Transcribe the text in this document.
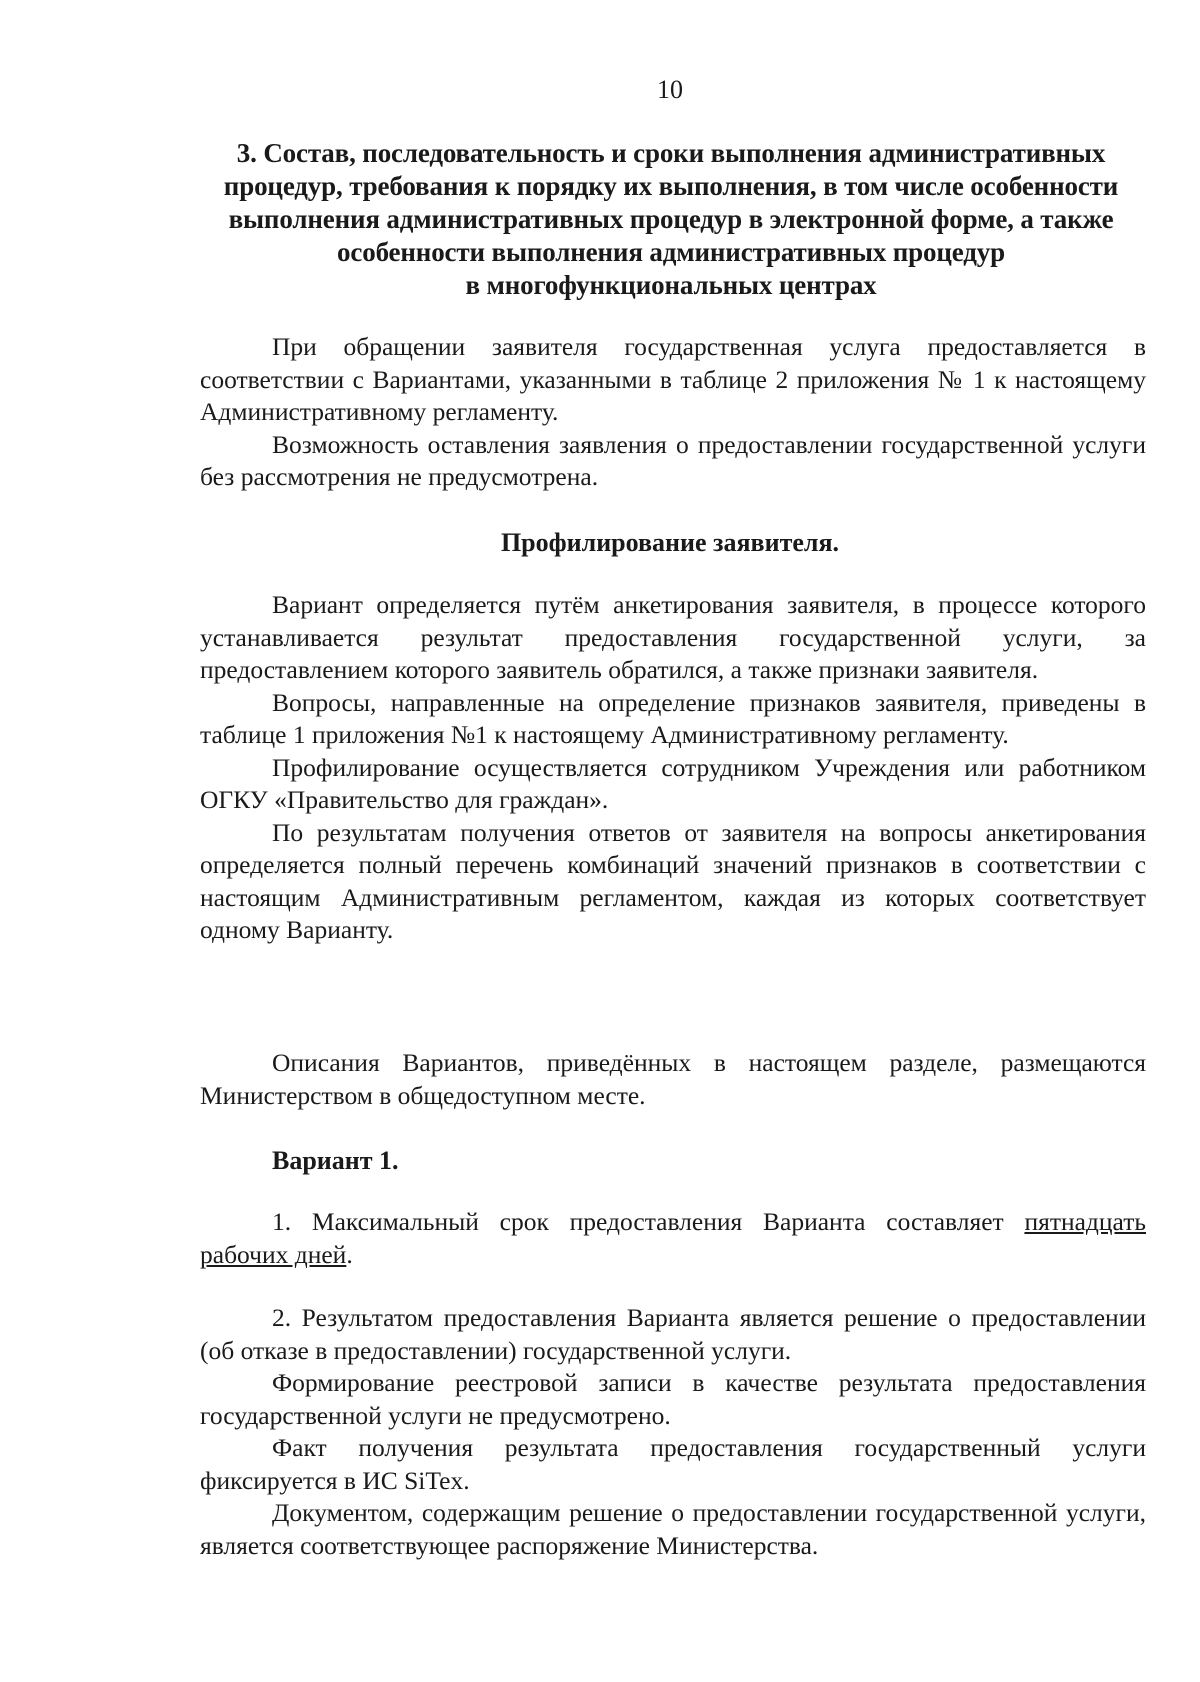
10
3. Состав, последовательность и сроки выполнения административных
процедур, требования к порядку их выполнения, в том числе особенности
выполнения административных процедур в электронной форме, а также
особенности выполнения административных процедур
в многофункциональных центрах

При обращении заявителя государственная услуга предоставляется в соответствии с Вариантами, указанными в таблице 2 приложения № 1 к настоящему Административному регламенту.

Возможность оставления заявления о предоставлении государственной услуги без рассмотрения не предусмотрена.

Профилирование заявителя.

Вариант определяется путём анкетирования заявителя, в процессе которого устанавливается результат предоставления государственной услуги, за предоставлением которого заявитель обратился, а также признаки заявителя.

Вопросы, направленные на определение признаков заявителя, приведены в таблице 1 приложения №1 к настоящему Административному регламенту.

Профилирование осуществляется сотрудником Учреждения или работником ОГКУ «Правительство для граждан».

По результатам получения ответов от заявителя на вопросы анкетирования определяется полный перечень комбинаций значений признаков в соответствии с настоящим Административным регламентом, каждая из которых соответствует одному Варианту.

Описания Вариантов, приведённых в настоящем разделе, размещаются Министерством в общедоступном месте.

Вариант 1.

1. Максимальный срок предоставления Варианта составляет пятнадцать рабочих дней.

2. Результатом предоставления Варианта является решение о предоставлении (об отказе в предоставлении) государственной услуги.

Формирование реестровой записи в качестве результата предоставления государственной услуги не предусмотрено.

Факт получения результата предоставления государственный услуги фиксируется в ИС SiTex.

Документом, содержащим решение о предоставлении государственной услуги, является соответствующее распоряжение Министерства.
